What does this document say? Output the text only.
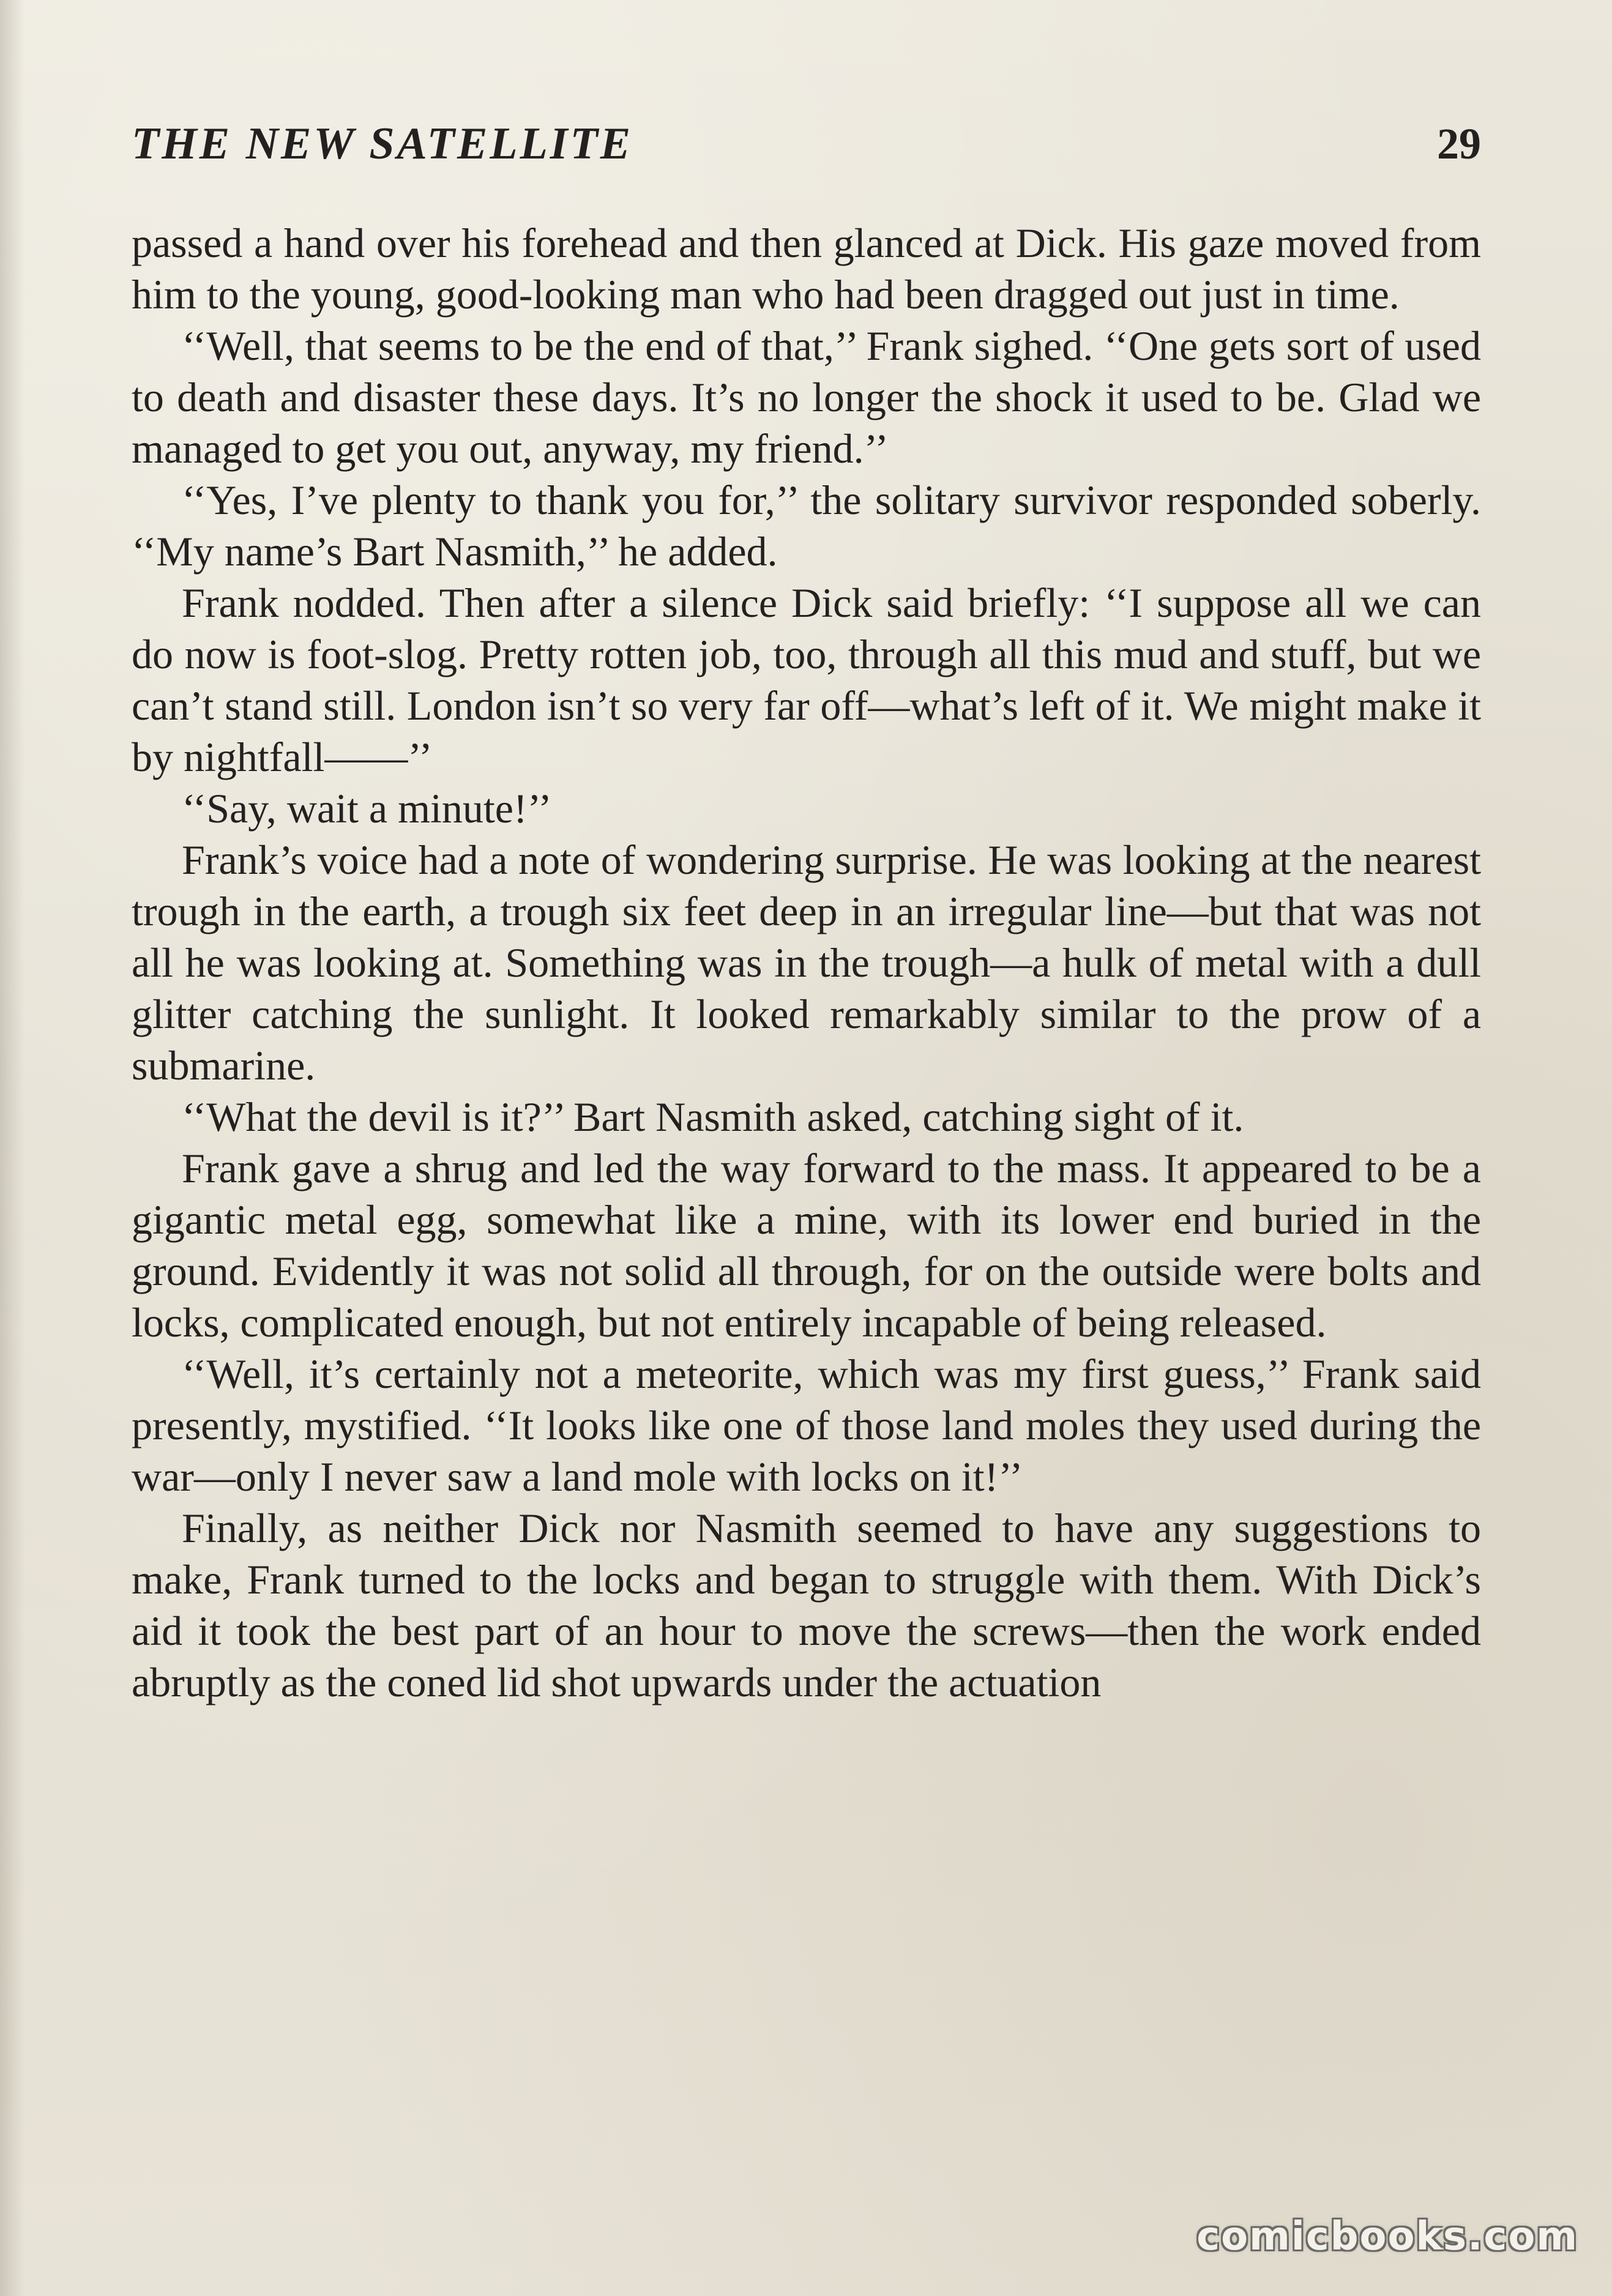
THE NEW SATELLITE	29

passed a hand over his forehead and then glanced at Dick. His gaze moved from him to the young, good-looking man who had been dragged out just in time.

‘‘Well, that seems to be the end of that,’’ Frank sighed. ‘‘One gets sort of used to death and disaster these days. It’s no longer the shock it used to be. Glad we managed to get you out, anyway, my friend.’’

‘‘Yes, I’ve plenty to thank you for,’’ the solitary survivor responded soberly. ‘‘My name’s Bart Nasmith,’’ he added.

Frank nodded. Then after a silence Dick said briefly: ‘‘I suppose all we can do now is foot-slog. Pretty rotten job, too, through all this mud and stuff, but we can’t stand still. London isn’t so very far off—what’s left of it. We might make it by nightfall——’’

‘‘Say, wait a minute!’’

Frank’s voice had a note of wondering surprise. He was looking at the nearest trough in the earth, a trough six feet deep in an irregular line—but that was not all he was looking at. Something was in the trough—a hulk of metal with a dull glitter catching the sunlight. It looked remarkably similar to the prow of a submarine.

‘‘What the devil is it?’’ Bart Nasmith asked, catching sight of it.

Frank gave a shrug and led the way forward to the mass. It appeared to be a gigantic metal egg, somewhat like a mine, with its lower end buried in the ground. Evidently it was not solid all through, for on the outside were bolts and locks, complicated enough, but not entirely incapable of being released.

‘‘Well, it’s certainly not a meteorite, which was my first guess,’’ Frank said presently, mystified. ‘‘It looks like one of those land moles they used during the war—only I never saw a land mole with locks on it!’’

Finally, as neither Dick nor Nasmith seemed to have any suggestions to make, Frank turned to the locks and began to struggle with them. With Dick’s aid it took the best part of an hour to move the screws—then the work ended abruptly as the coned lid shot upwards under the actuation

comicbooks.com
